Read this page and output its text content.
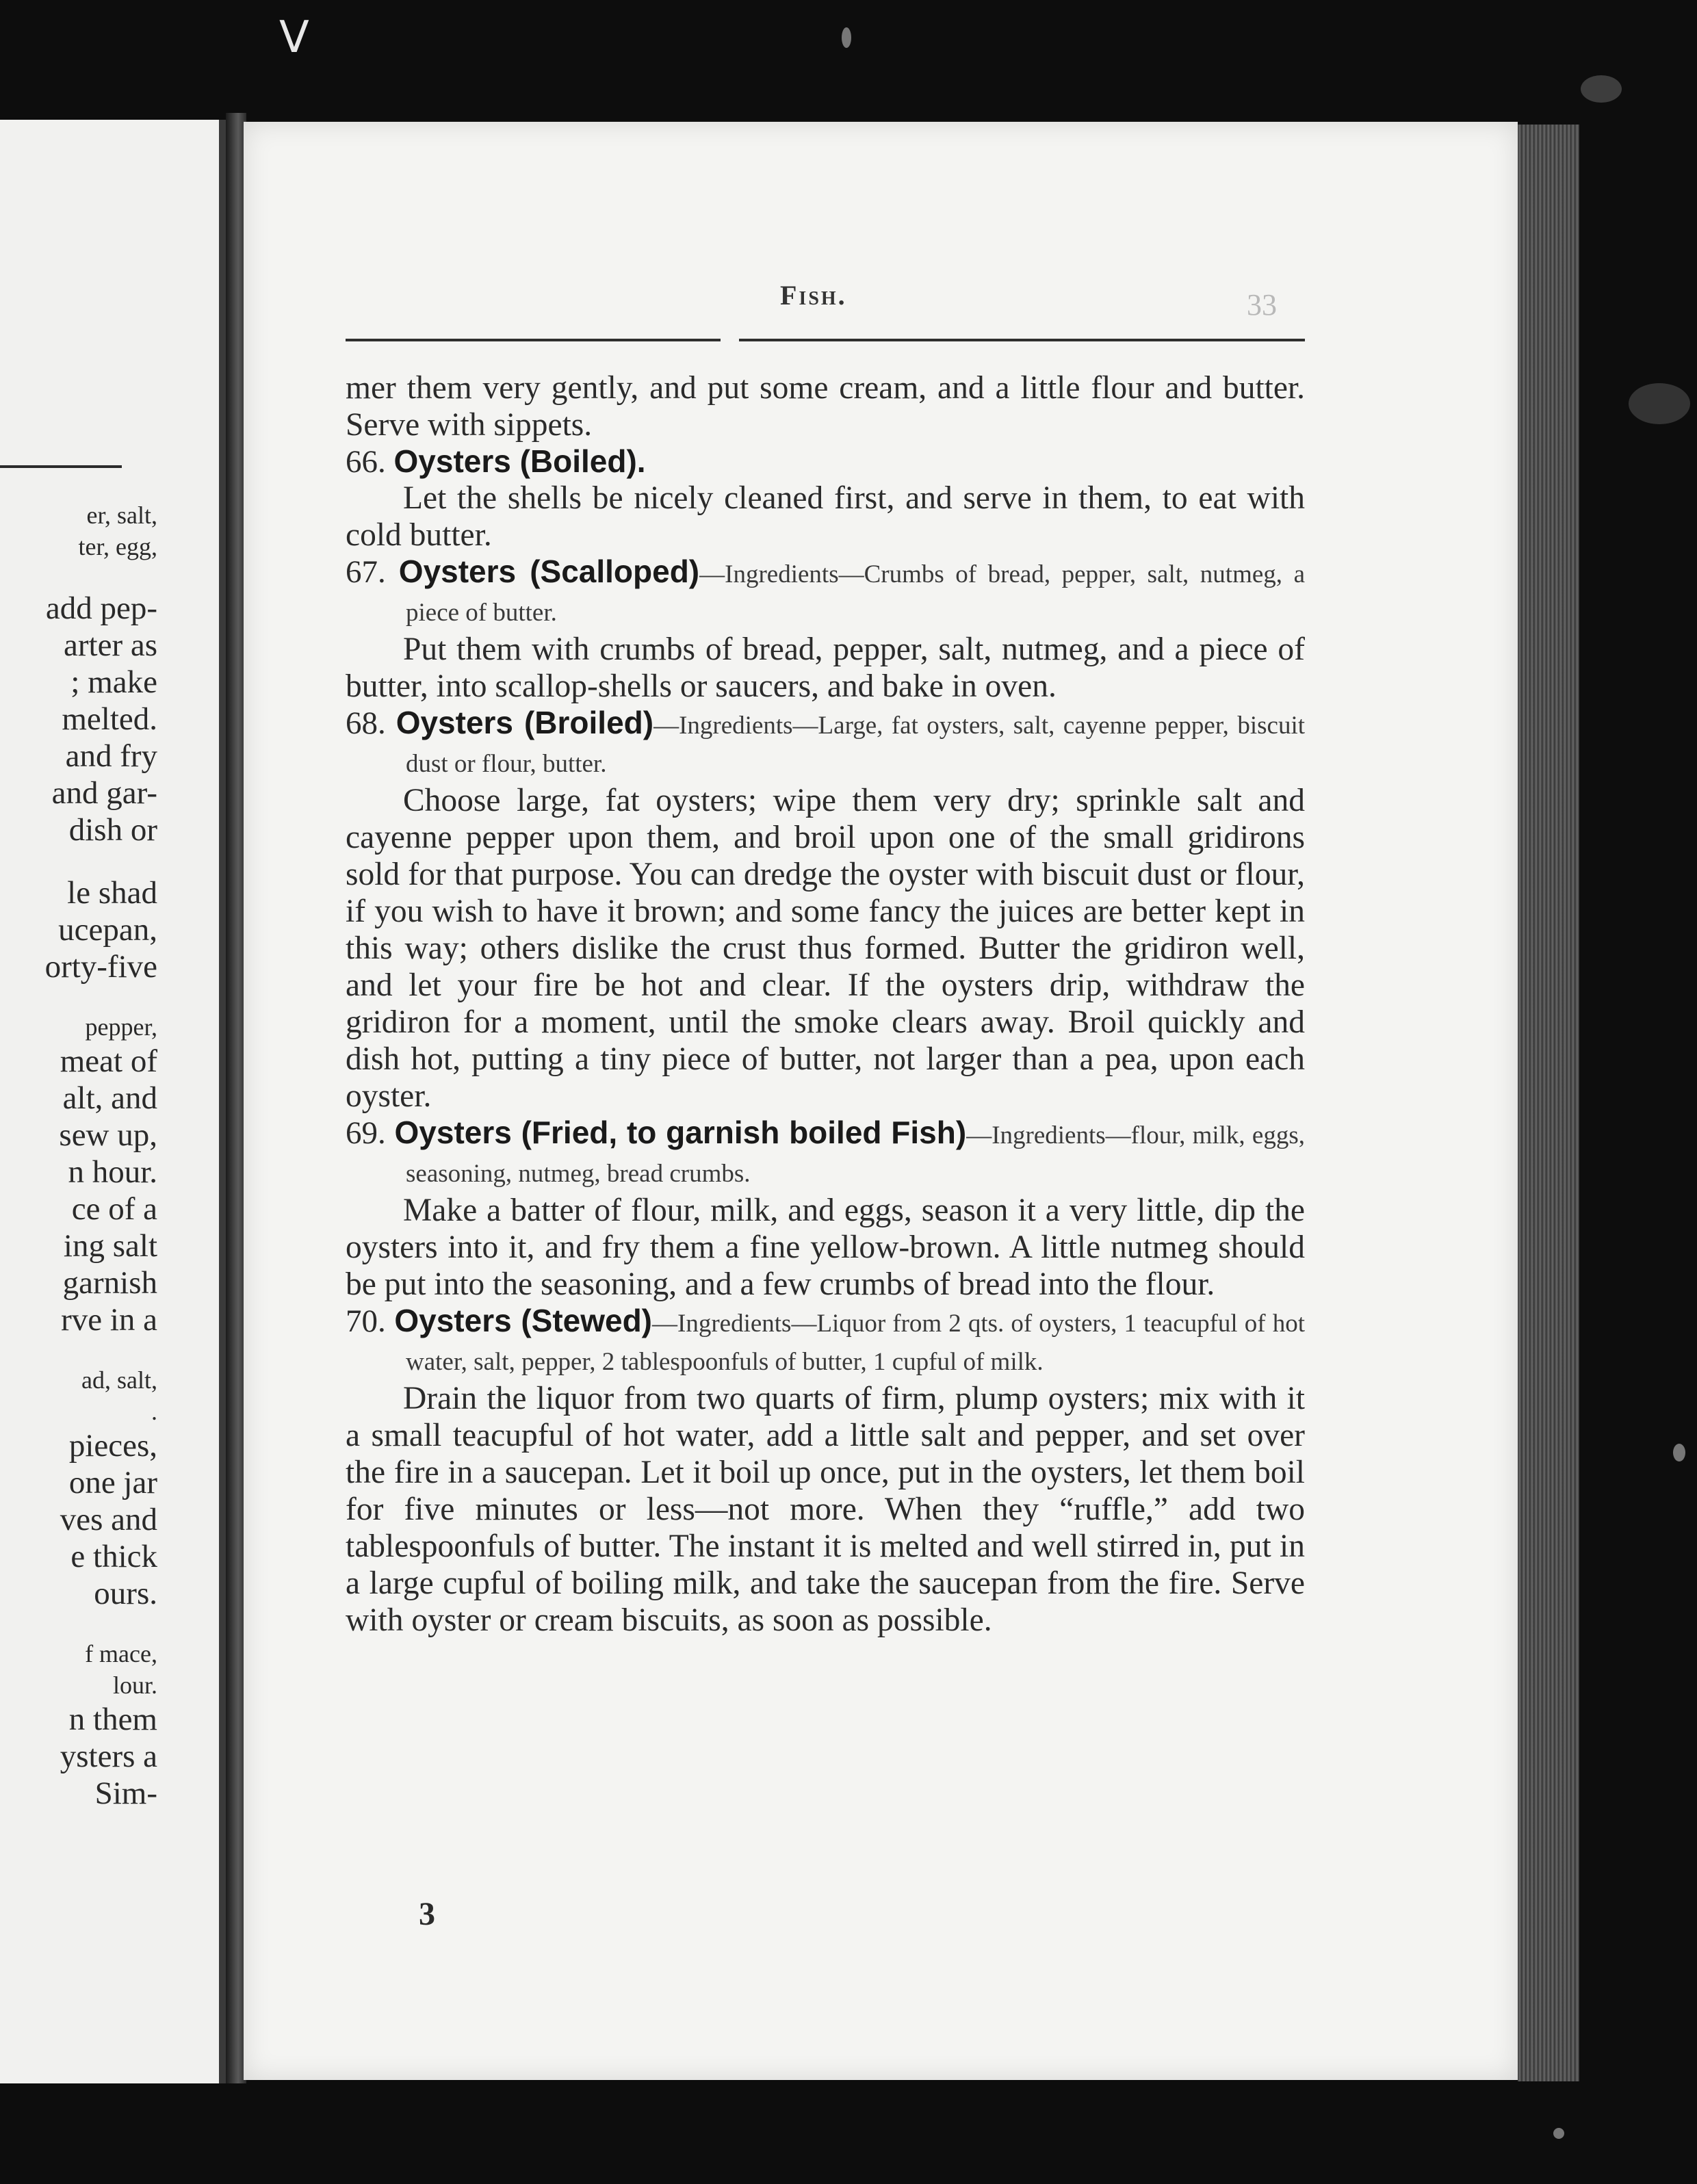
V
er, salt,
ter, egg,
add pep-
arter as
; make
melted.
and fry
and gar-
dish or
le shad
ucepan,
orty-five
pepper,
meat of
alt, and
sew up,
n hour.
ce of a
ing salt
garnish
rve in a
ad, salt,
.
pieces,
one jar
ves and
e thick
ours.
f mace,
lour.
n them
ysters a
Sim-
Fish.	33

mer them very gently, and put some cream, and a little flour and butter. Serve with sippets.

66. Oysters (Boiled).

Let the shells be nicely cleaned first, and serve in them, to eat with cold butter.

67. Oysters (Scalloped)—Ingredients—Crumbs of bread, pepper, salt, nutmeg, a piece of butter.

Put them with crumbs of bread, pepper, salt, nutmeg, and a piece of butter, into scallop-shells or saucers, and bake in oven.

68. Oysters (Broiled)—Ingredients—Large, fat oysters, salt, cayenne pepper, biscuit dust or flour, butter.

Choose large, fat oysters; wipe them very dry; sprinkle salt and cayenne pepper upon them, and broil upon one of the small gridirons sold for that purpose. You can dredge the oyster with biscuit dust or flour, if you wish to have it brown; and some fancy the juices are better kept in this way; others dislike the crust thus formed. Butter the gridiron well, and let your fire be hot and clear. If the oysters drip, withdraw the gridiron for a moment, until the smoke clears away. Broil quickly and dish hot, putting a tiny piece of butter, not larger than a pea, upon each oyster.

69. Oysters (Fried, to garnish boiled Fish)—Ingredients—flour, milk, eggs, seasoning, nutmeg, bread crumbs.

Make a batter of flour, milk, and eggs, season it a very little, dip the oysters into it, and fry them a fine yellow-brown. A little nutmeg should be put into the seasoning, and a few crumbs of bread into the flour.

70. Oysters (Stewed)—Ingredients—Liquor from 2 qts. of oysters, 1 teacupful of hot water, salt, pepper, 2 tablespoonfuls of butter, 1 cupful of milk.

Drain the liquor from two quarts of firm, plump oysters; mix with it a small teacupful of hot water, add a little salt and pepper, and set over the fire in a saucepan. Let it boil up once, put in the oysters, let them boil for five minutes or less—not more. When they “ruffle,” add two tablespoonfuls of butter. The instant it is melted and well stirred in, put in a large cupful of boiling milk, and take the saucepan from the fire. Serve with oyster or cream biscuits, as soon as possible.

3
